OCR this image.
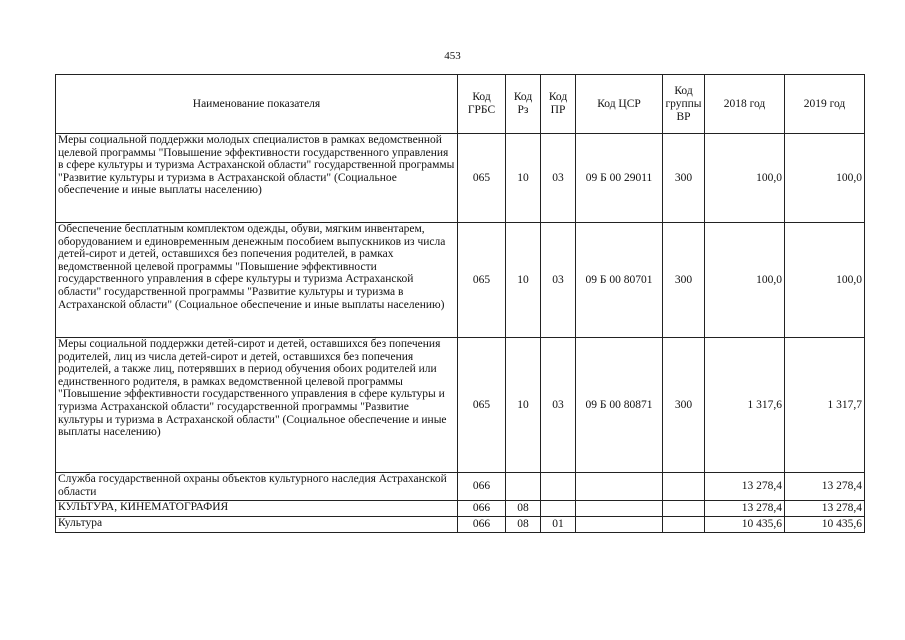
453
Наименование показателя	Код ГРБС	Код Рз	Код ПР	Код ЦСР	Код группы ВР	2018 год	2019 год
Меры социальной поддержки молодых специалистов в рамках ведомственной целевой программы "Повышение эффективности государственного управления в сфере культуры и туризма Астраханской области" государственной программы "Развитие культуры и туризма в Астраханской области" (Социальное обеспечение и иные выплаты населению)	065	10	03	09 Б 00 29011	300	100,0	100,0
Обеспечение бесплатным комплектом одежды, обуви, мягким инвентарем, оборудованием и единовременным денежным пособием выпускников из числа детей-сирот и детей, оставшихся без попечения родителей, в рамках ведомственной целевой программы "Повышение эффективности государственного управления в сфере культуры и туризма Астраханской области" государственной программы "Развитие культуры и туризма в Астраханской области" (Социальное обеспечение и иные выплаты населению)	065	10	03	09 Б 00 80701	300	100,0	100,0
Меры социальной поддержки детей-сирот и детей, оставшихся без попечения родителей, лиц из числа детей-сирот и детей, оставшихся без попечения родителей, а также лиц, потерявших в период обучения обоих родителей или единственного родителя, в рамках ведомственной целевой программы "Повышение эффективности государственного управления в сфере культуры и туризма Астраханской области" государственной программы "Развитие культуры и туризма в Астраханской области" (Социальное обеспечение и иные выплаты населению)	065	10	03	09 Б 00 80871	300	1 317,6	1 317,7
Служба государственной охраны объектов культурного наследия Астраханской области	066					13 278,4	13 278,4
КУЛЬТУРА, КИНЕМАТОГРАФИЯ	066	08				13 278,4	13 278,4
Культура	066	08	01			10 435,6	10 435,6
